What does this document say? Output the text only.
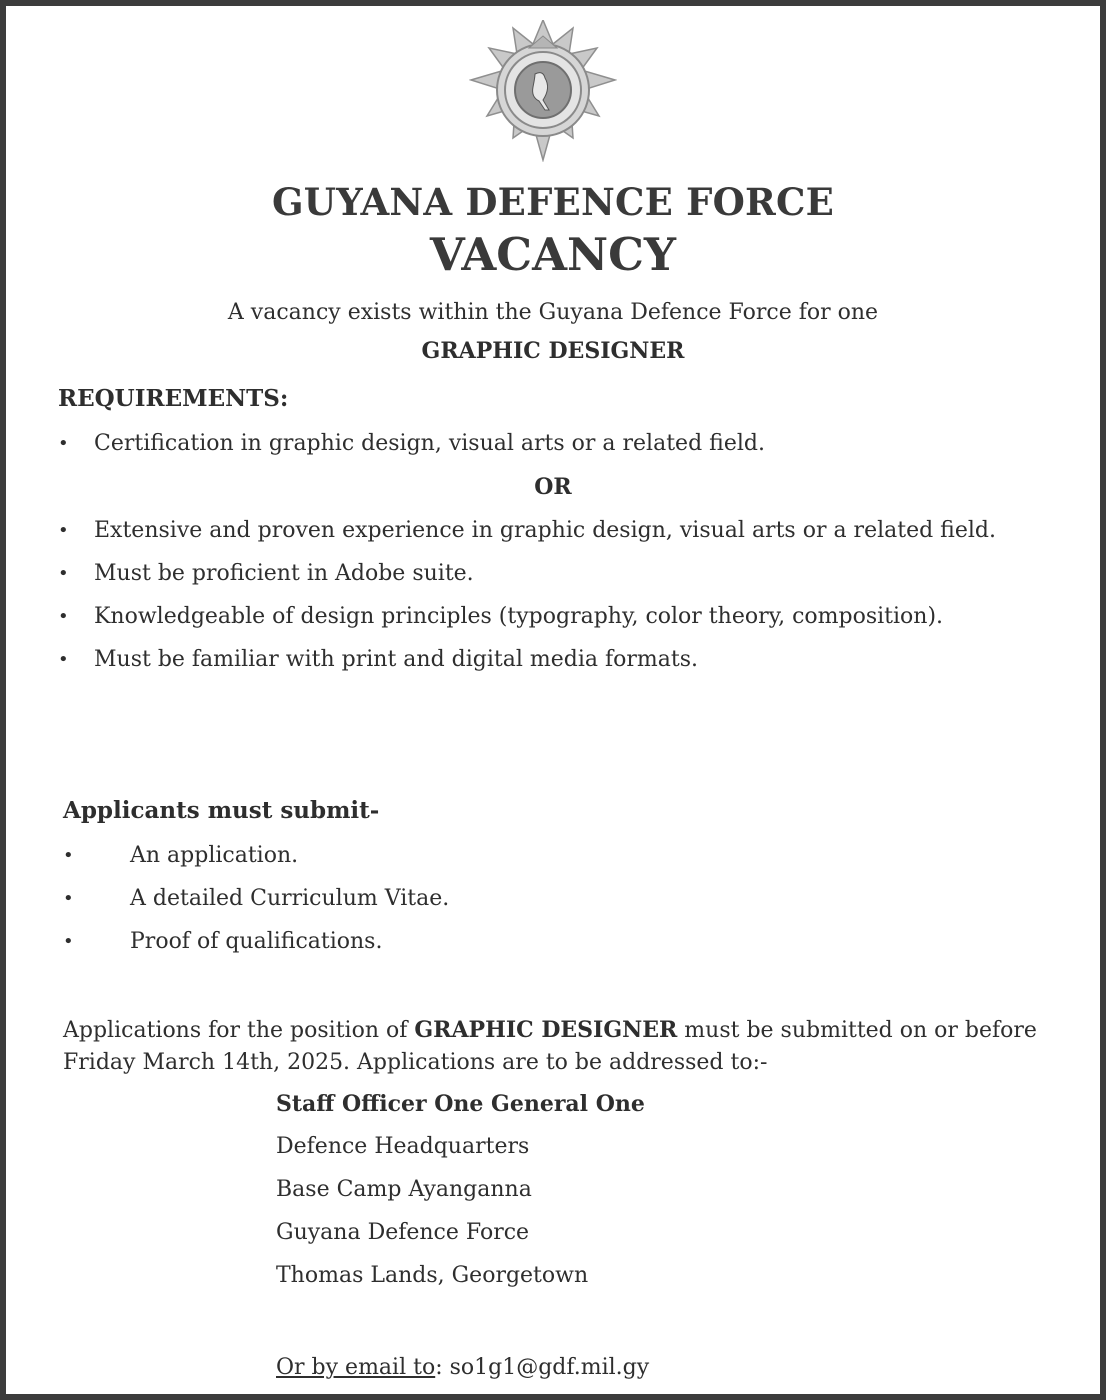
GUYANA DEFENCE FORCE
VACANCY
A vacancy exists within the Guyana Defence Force for one
GRAPHIC DESIGNER
REQUIREMENTS:
• Certification in graphic design, visual arts or a related field.
OR
• Extensive and proven experience in graphic design, visual arts or a related field.
• Must be proficient in Adobe suite.
• Knowledgeable of design principles (typography, color theory, composition).
• Must be familiar with print and digital media formats.
Applicants must submit-
•	An application.
•	A detailed Curriculum Vitae.
•	Proof of qualifications.
Applications for the position of GRAPHIC DESIGNER must be submitted on or before Friday March 14th, 2025. Applications are to be addressed to:-
Staff Officer One General One
Defence Headquarters
Base Camp Ayanganna
Guyana Defence Force
Thomas Lands, Georgetown
Or by email to: so1g1@gdf.mil.gy
